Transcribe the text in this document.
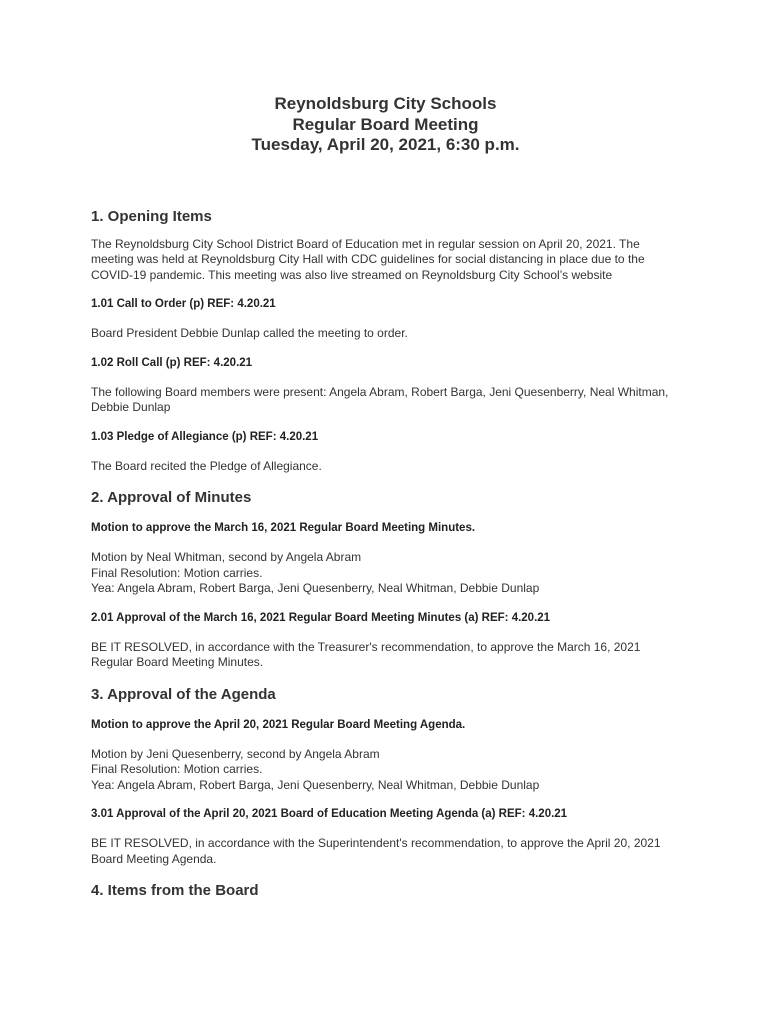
Reynoldsburg City Schools
Regular Board Meeting
Tuesday, April 20, 2021, 6:30 p.m.
1. Opening Items

The Reynoldsburg City School District Board of Education met in regular session on April 20, 2021. The meeting was held at Reynoldsburg City Hall with CDC guidelines for social distancing in place due to the COVID-19 pandemic. This meeting was also live streamed on Reynoldsburg City School’s website

1.01 Call to Order (p) REF: 4.20.21

Board President Debbie Dunlap called the meeting to order.

1.02 Roll Call (p) REF: 4.20.21

The following Board members were present: Angela Abram, Robert Barga, Jeni Quesenberry, Neal Whitman, Debbie Dunlap

1.03 Pledge of Allegiance (p) REF: 4.20.21

The Board recited the Pledge of Allegiance.

2. Approval of Minutes
Motion to approve the March 16, 2021 Regular Board Meeting Minutes.

Motion by Neal Whitman, second by Angela Abram

Final Resolution: Motion carries.

Yea: Angela Abram, Robert Barga, Jeni Quesenberry, Neal Whitman, Debbie Dunlap

2.01 Approval of the March 16, 2021 Regular Board Meeting Minutes (a) REF: 4.20.21

BE IT RESOLVED, in accordance with the Treasurer's recommendation, to approve the March 16, 2021 Regular Board Meeting Minutes.

3. Approval of the Agenda
Motion to approve the April 20, 2021 Regular Board Meeting Agenda.

Motion by Jeni Quesenberry, second by Angela Abram

Final Resolution: Motion carries.

Yea: Angela Abram, Robert Barga, Jeni Quesenberry, Neal Whitman, Debbie Dunlap

3.01 Approval of the April 20, 2021 Board of Education Meeting Agenda (a) REF: 4.20.21

BE IT RESOLVED, in accordance with the Superintendent's recommendation, to approve the April 20, 2021 Board Meeting Agenda.

4. Items from the Board
